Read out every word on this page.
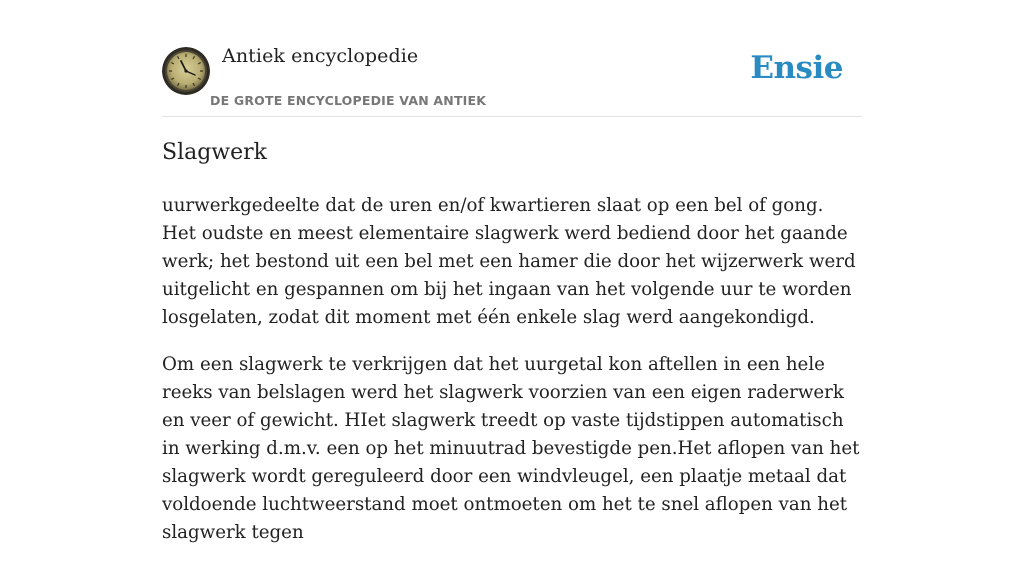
Antiek encyclopedie
DE GROTE ENCYCLOPEDIE VAN ANTIEK
Ensie
Slagwerk

uurwerkgedeelte dat de uren en/of kwartieren slaat op een bel of gong. Het oudste en meest elementaire slagwerk werd bediend door het gaande werk; het bestond uit een bel met een hamer die door het wijzerwerk werd uitgelicht en gespannen om bij het ingaan van het volgende uur te worden losgelaten, zodat dit moment met één enkele slag werd aangekondigd.

Om een slagwerk te verkrijgen dat het uurgetal kon aftellen in een hele reeks van belslagen werd het slagwerk voorzien van een eigen raderwerk en veer of gewicht. HIet slagwerk treedt op vaste tijdstippen automatisch in werking d.m.v. een op het minuutrad bevestigde pen.Het aflopen van het slagwerk wordt gereguleerd door een windvleugel, een plaatje metaal dat voldoende luchtweerstand moet ontmoeten om het te snel aflopen van het slagwerk tegen
